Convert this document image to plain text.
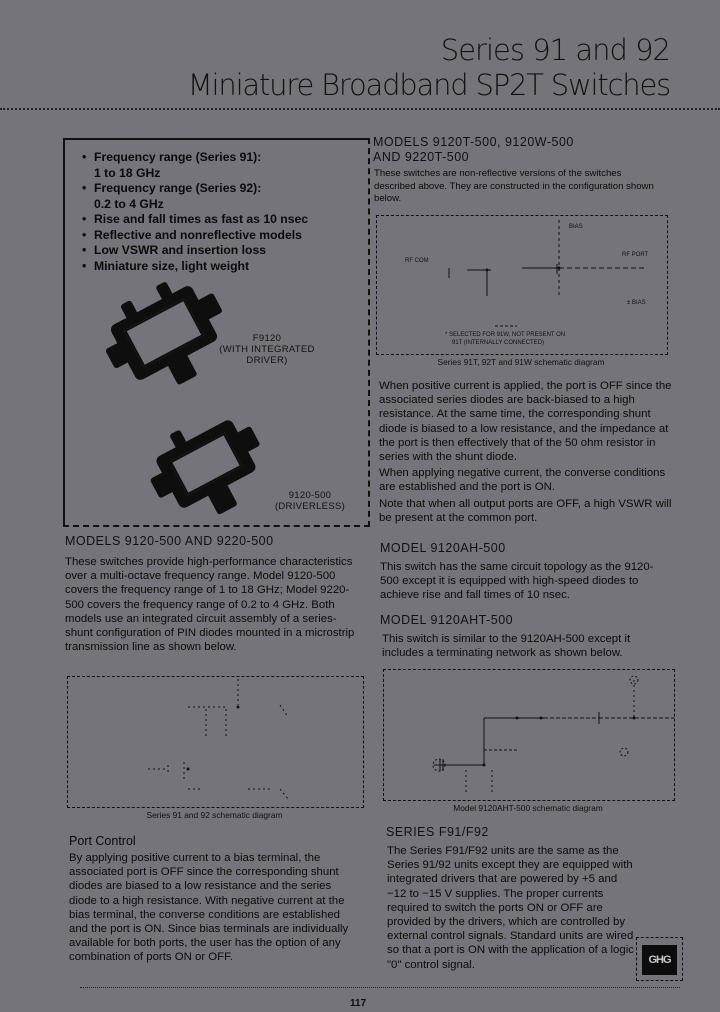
Series 91 and 92
Miniature Broadband SP2T Switches
• Frequency range (Series 91):
1 to 18 GHz
• Frequency range (Series 92):
0.2 to 4 GHz
• Rise and fall times as fast as 10 nsec
• Reflective and nonreflective models
• Low VSWR and insertion loss
• Miniature size, light weight
F9120
(WITH INTEGRATED
DRIVER)
9120-500
(DRIVERLESS)
MODELS 9120-500 AND 9220-500
These switches provide high-performance characteristics over a multi-octave frequency range. Model 9120-500 covers the frequency range of 1 to 18 GHz; Model 9220-500 covers the frequency range of 0.2 to 4 GHz. Both models use an integrated circuit assembly of a series-shunt configuration of PIN diodes mounted in a microstrip transmission line as shown below.
Series 91 and 92 schematic diagram
Port Control
By applying positive current to a bias terminal, the associated port is OFF since the corresponding shunt diodes are biased to a low resistance and the series diode to a high resistance. With negative current at the bias terminal, the converse conditions are established and the port is ON. Since bias terminals are individually available for both ports, the user has the option of any combination of ports ON or OFF.
MODELS 9120T-500, 9120W-500
AND 9220T-500
These switches are non-reflective versions of the switches described above. They are constructed in the configuration shown below.
RF COM
RF PORT
BIAS
± BIAS
* SELECTED FOR 91W, NOT PRESENT ON
91T (INTERNALLY CONNECTED)
Series 91T, 92T and 91W schematic diagram
When positive current is applied, the port is OFF since the associated series diodes are back-biased to a high resistance. At the same time, the corresponding shunt diode is biased to a low resistance, and the impedance at the port is then effectively that of the 50 ohm resistor in series with the shunt diode.
When applying negative current, the converse conditions are established and the port is ON.
Note that when all output ports are OFF, a high VSWR will be present at the common port.
MODEL 9120AH-500
This switch has the same circuit topology as the 9120-500 except it is equipped with high-speed diodes to achieve rise and fall times of 10 nsec.
MODEL 9120AHT-500
This switch is similar to the 9120AH-500 except it includes a terminating network as shown below.
Model 9120AHT-500 schematic diagram
SERIES F91/F92
The Series F91/F92 units are the same as the Series 91/92 units except they are equipped with integrated drivers that are powered by +5 and −12 to −15 V supplies. The proper currents required to switch the ports ON or OFF are provided by the drivers, which are controlled by external control signals. Standard units are wired so that a port is ON with the application of a logic "0" control signal.	GHG
117
